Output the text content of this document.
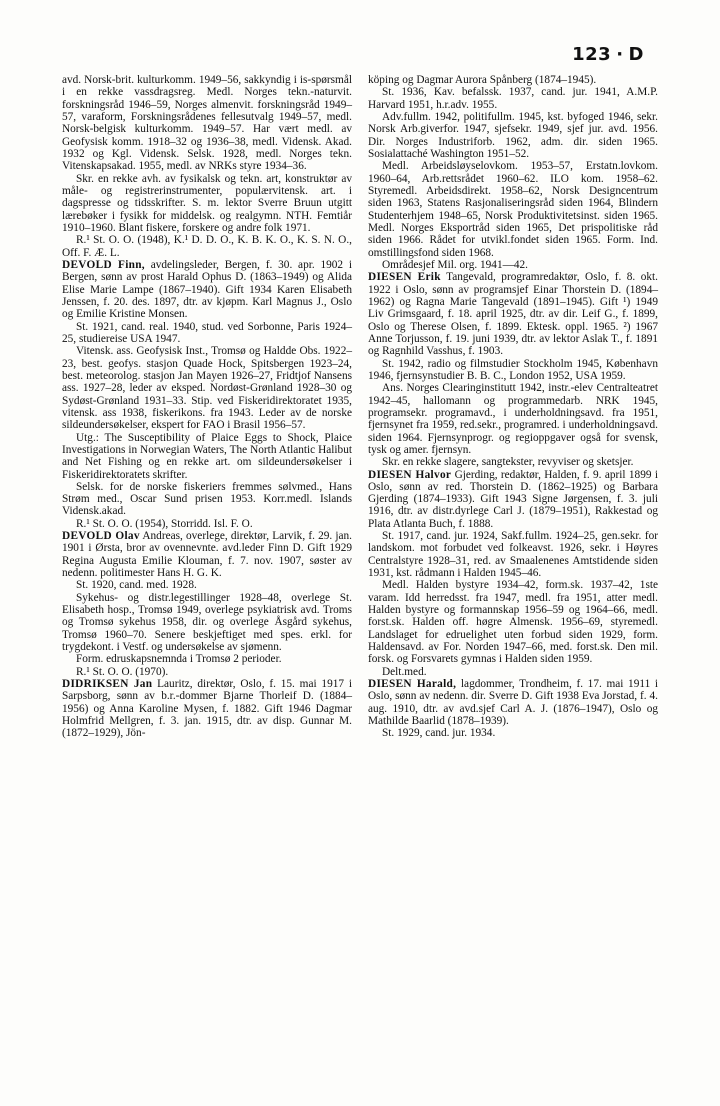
123 · D

avd. Norsk-brit. kulturkomm. 1949–56, sakkyndig i is-spørsmål i en rekke vassdragsreg. Medl. Norges tekn.-naturvit. forskningsråd 1946–59, Norges almenvit. forskningsråd 1949–57, varaform, Forskningsrådenes fellesutvalg 1949–57, medl. Norsk-belgisk kulturkomm. 1949–57. Har vært medl. av Geofysisk komm. 1918–32 og 1936–38, medl. Vidensk. Akad. 1932 og Kgl. Vidensk. Selsk. 1928, medl. Norges tekn. Vitenskapsakad. 1955, medl. av NRKs styre 1934–36.

Skr. en rekke avh. av fysikalsk og tekn. art, konstruktør av måle- og registrerinstrumenter, populærvitensk. art. i dagspresse og tidsskrifter. S. m. lektor Sverre Bruun utgitt lærebøker i fysikk for middelsk. og realgymn. NTH. Femtiår 1910–1960. Blant fiskere, forskere og andre folk 1971.

R.¹ St. O. O. (1948), K.¹ D. D. O., K. B. K. O., K. S. N. O., Off. F. Æ. L.

DEVOLD Finn, avdelingsleder, Bergen, f. 30. apr. 1902 i Bergen, sønn av prost Harald Ophus D. (1863–1949) og Alida Elise Marie Lampe (1867–1940). Gift 1934 Karen Elisabeth Jenssen, f. 20. des. 1897, dtr. av kjøpm. Karl Magnus J., Oslo og Emilie Kristine Monsen.

St. 1921, cand. real. 1940, stud. ved Sorbonne, Paris 1924–25, studiereise USA 1947.

Vitensk. ass. Geofysisk Inst., Tromsø og Haldde Obs. 1922–23, best. geofys. stasjon Quade Hock, Spitsbergen 1923–24, best. meteorolog. stasjon Jan Mayen 1926–27, Fridtjof Nansens ass. 1927–28, leder av eksped. Nordøst-Grønland 1928–30 og Sydøst-Grønland 1931–33. Stip. ved Fiskeridirektoratet 1935, vitensk. ass 1938, fiskerikons. fra 1943. Leder av de norske sildeundersøkelser, ekspert for FAO i Brasil 1956–57.

Utg.: The Susceptibility of Plaice Eggs to Shock, Plaice Investigations in Norwegian Waters, The North Atlantic Halibut and Net Fishing og en rekke art. om sildeundersøkelser i Fiskeridirektoratets skrifter.

Selsk. for de norske fiskeriers fremmes sølvmed., Hans Strøm med., Oscar Sund prisen 1953. Korr.medl. Islands Vidensk.akad.

R.¹ St. O. O. (1954), Storridd. Isl. F. O.

DEVOLD Olav Andreas, overlege, direktør, Larvik, f. 29. jan. 1901 i Ørsta, bror av ovennevnte. avd.leder Finn D. Gift 1929 Regina Augusta Emilie Klouman, f. 7. nov. 1907, søster av nedenn. politimester Hans H. G. K.

St. 1920, cand. med. 1928.

Sykehus- og distr.legestillinger 1928–48, overlege St. Elisabeth hosp., Tromsø 1949, overlege psykiatrisk avd. Troms og Tromsø sykehus 1958, dir. og overlege Åsgård sykehus, Tromsø 1960–70. Senere beskjeftiget med spes. erkl. for trygdekont. i Vestf. og undersøkelse av sjømenn.

Form. edruskapsnemnda i Tromsø 2 perioder.

R.¹ St. O. O. (1970).

DIDRIKSEN Jan Lauritz, direktør, Oslo, f. 15. mai 1917 i Sarpsborg, sønn av b.r.-dommer Bjarne Thorleif D. (1884–1956) og Anna Karoline Mysen, f. 1882. Gift 1946 Dagmar Holmfrid Mellgren, f. 3. jan. 1915, dtr. av disp. Gunnar M. (1872–1929), Jön-

köping og Dagmar Aurora Spånberg (1874–1945).

St. 1936, Kav. befalssk. 1937, cand. jur. 1941, A.M.P. Harvard 1951, h.r.adv. 1955.

Adv.fullm. 1942, politifullm. 1945, kst. byfoged 1946, sekr. Norsk Arb.giverfor. 1947, sjefsekr. 1949, sjef jur. avd. 1956. Dir. Norges Industriforb. 1962, adm. dir. siden 1965. Sosialattaché Washington 1951–52.

Medl. Arbeidsløyselovkom. 1953–57, Erstatn.lovkom. 1960–64, Arb.rettsrådet 1960–62. ILO kom. 1958–62. Styremedl. Arbeidsdirekt. 1958–62, Norsk Designcentrum siden 1963, Statens Rasjonaliseringsråd siden 1964, Blindern Studenterhjem 1948–65, Norsk Produktivitetsinst. siden 1965. Medl. Norges Eksportråd siden 1965, Det prispolitiske råd siden 1966. Rådet for utvikl.fondet siden 1965. Form. Ind. omstillingsfond siden 1968.

Områdesjef Mil. org. 1941—42.

DIESEN Erik Tangevald, programredaktør, Oslo, f. 8. okt. 1922 i Oslo, sønn av programsjef Einar Thorstein D. (1894–1962) og Ragna Marie Tangevald (1891–1945). Gift ¹) 1949 Liv Grimsgaard, f. 18. april 1925, dtr. av dir. Leif G., f. 1899, Oslo og Therese Olsen, f. 1899. Ektesk. oppl. 1965. ²) 1967 Anne Torjusson, f. 19. juni 1939, dtr. av lektor Aslak T., f. 1891 og Ragnhild Vasshus, f. 1903.

St. 1942, radio og filmstudier Stockholm 1945, København 1946, fjernsynstudier B. B. C., London 1952, USA 1959.

Ans. Norges Clearinginstitutt 1942, instr.-elev Centralteatret 1942–45, hallomann og programmedarb. NRK 1945, programsekr. programavd., i underholdningsavd. fra 1951, fjernsynet fra 1959, red.sekr., programred. i underholdningsavd. siden 1964. Fjernsynprogr. og regioppgaver også for svensk, tysk og amer. fjernsyn.

Skr. en rekke slagere, sangtekster, revyviser og sketsjer.

DIESEN Halvor Gjerding, redaktør, Halden, f. 9. april 1899 i Oslo, sønn av red. Thorstein D. (1862–1925) og Barbara Gjerding (1874–1933). Gift 1943 Signe Jørgensen, f. 3. juli 1916, dtr. av distr.dyrlege Carl J. (1879–1951), Rakkestad og Plata Atlanta Buch, f. 1888.

St. 1917, cand. jur. 1924, Sakf.fullm. 1924–25, gen.sekr. for landskom. mot forbudet ved folkeavst. 1926, sekr. i Høyres Centralstyre 1928–31, red. av Smaalenenes Amtstidende siden 1931, kst. rådmann i Halden 1945–46.

Medl. Halden bystyre 1934–42, form.sk. 1937–42, 1ste varam. Idd herredsst. fra 1947, medl. fra 1951, atter medl. Halden bystyre og formannskap 1956–59 og 1964–66, medl. forst.sk. Halden off. høgre Almensk. 1956–69, styremedl. Landslaget for edruelighet uten forbud siden 1929, form. Haldensavd. av For. Norden 1947–66, med. forst.sk. Den mil. forsk. og Forsvarets gymnas i Halden siden 1959.

Delt.med.

DIESEN Harald, lagdommer, Trondheim, f. 17. mai 1911 i Oslo, sønn av nedenn. dir. Sverre D. Gift 1938 Eva Jorstad, f. 4. aug. 1910, dtr. av avd.sjef Carl A. J. (1876–1947), Oslo og Mathilde Baarlid (1878–1939).

St. 1929, cand. jur. 1934.
